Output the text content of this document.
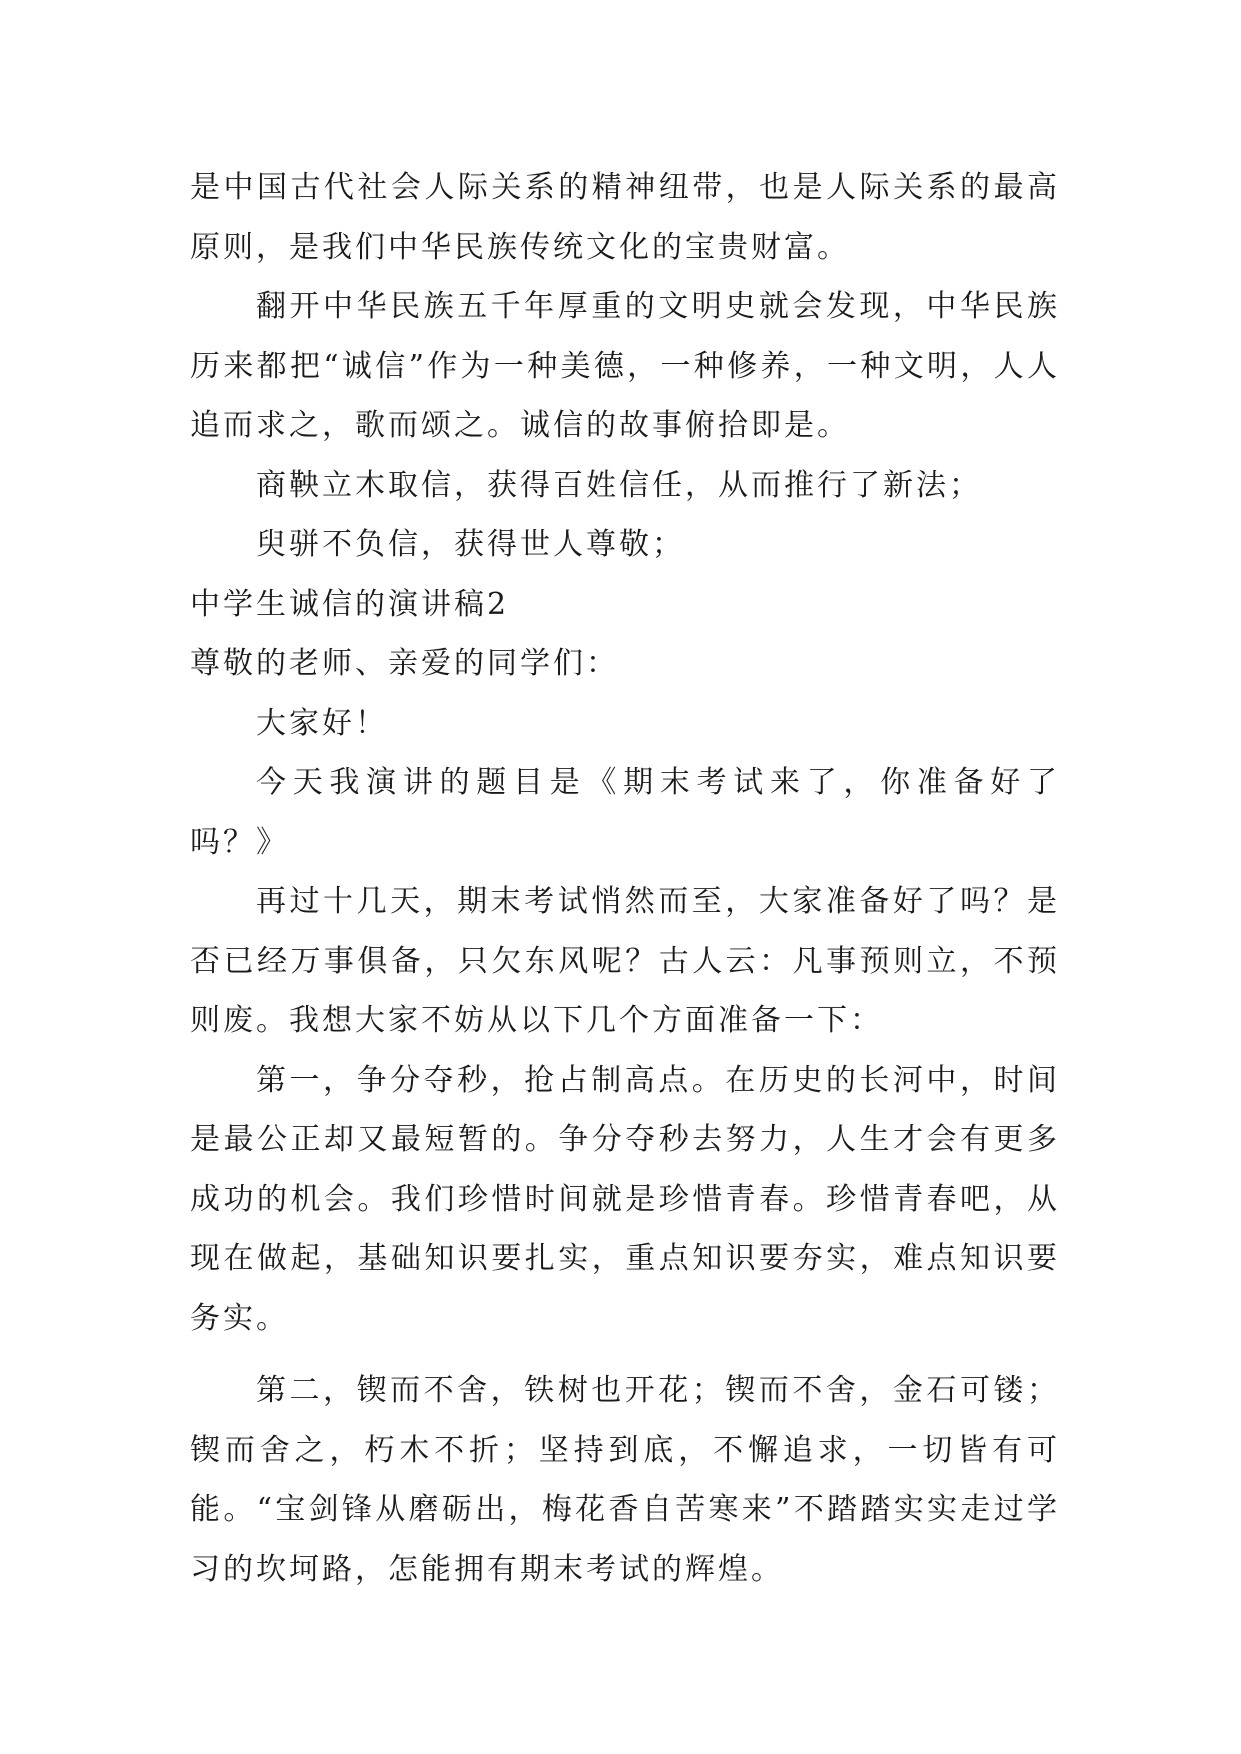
是中国古代社会人际关系的精神纽带，也是人际关系的最高原则，是我们中华民族传统文化的宝贵财富。

翻开中华民族五千年厚重的文明史就会发现，中华民族历来都把“诚信”作为一种美德，一种修养，一种文明，人人追而求之，歌而颂之。诚信的故事俯拾即是。

商鞅立木取信，获得百姓信任，从而推行了新法；

臾骈不负信，获得世人尊敬；

中学生诚信的演讲稿2

尊敬的老师、亲爱的同学们：

大家好！

今天我演讲的题目是《期末考试来了，你准备好了吗？》

再过十几天，期末考试悄然而至，大家准备好了吗？是否已经万事俱备，只欠东风呢？古人云：凡事预则立，不预则废。我想大家不妨从以下几个方面准备一下：

第一，争分夺秒，抢占制高点。在历史的长河中，时间是最公正却又最短暂的。争分夺秒去努力，人生才会有更多成功的机会。我们珍惜时间就是珍惜青春。珍惜青春吧，从现在做起，基础知识要扎实，重点知识要夯实，难点知识要务实。

第二，锲而不舍，铁树也开花；锲而不舍，金石可镂；锲而舍之，朽木不折；坚持到底，不懈追求，一切皆有可能。“宝剑锋从磨砺出，梅花香自苦寒来”不踏踏实实走过学习的坎坷路，怎能拥有期末考试的辉煌。
